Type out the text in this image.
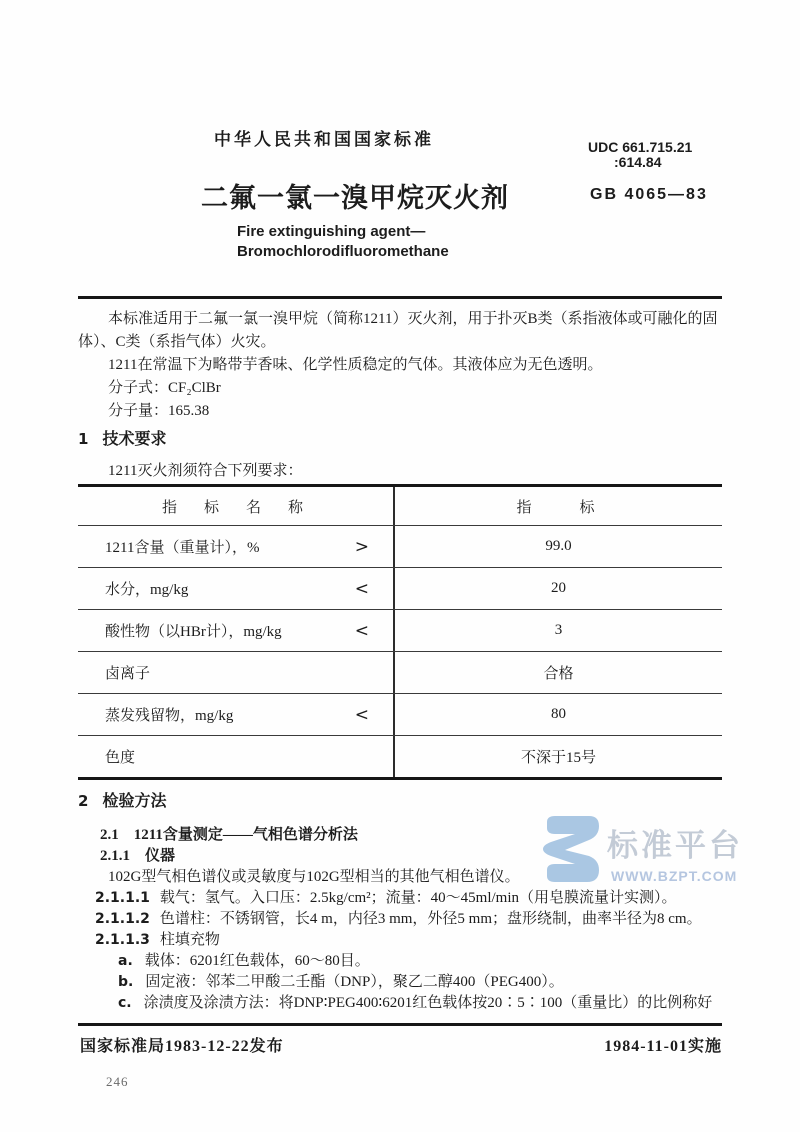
中华人民共和国国家标准	UDC 661.715.21
:614.84
二氟一氯一溴甲烷灭火剂	GB 4065—83
Fire extinguishing agent—
Bromochlorodifluoromethane

本标准适用于二氟一氯一溴甲烷（简称1211）灭火剂，用于扑灭B类（系指液体或可融化的固体）、C类（系指气体）火灾。

1211在常温下为略带芋香味、化学性质稳定的气体。其液体应为无色透明。

分子式：CF₂ClBr

分子量：165.38

1 技术要求
1211灭火剂须符合下列要求：
指　标　名　称	指　　标
1211含量（重量计），%	>	99.0
水分，mg/kg	<	20
酸性物（以HBr计），mg/kg	<	3
卤离子	合格
蒸发残留物，mg/kg	<	80
色度	不深于15号
2 检验方法
2.1　1211含量测定——气相色谱分析法
2.1.1　仪器
102G型气相色谱仪或灵敏度与102G型相当的其他气相色谱仪。
2.1.1.1 载气：氢气。入口压：2.5kg/cm²；流量：40～45ml/min（用皂膜流量计实测）。
2.1.1.2 色谱柱：不锈钢管，长4 m，内径3 mm，外径5 mm；盘形绕制，曲率半径为8 cm。
2.1.1.3 柱填充物
a. 载体：6201红色载体，60～80目。
b. 固定液：邻苯二甲酸二壬酯（DNP），聚乙二醇400（PEG400）。
c. 涂渍度及涂渍方法：将DNP∶PEG400∶6201红色载体按20∶5∶100（重量比）的比例称好
标准平台
WWW.BZPT.COM
国家标准局1983-12-22发布	1984-11-01实施
246
